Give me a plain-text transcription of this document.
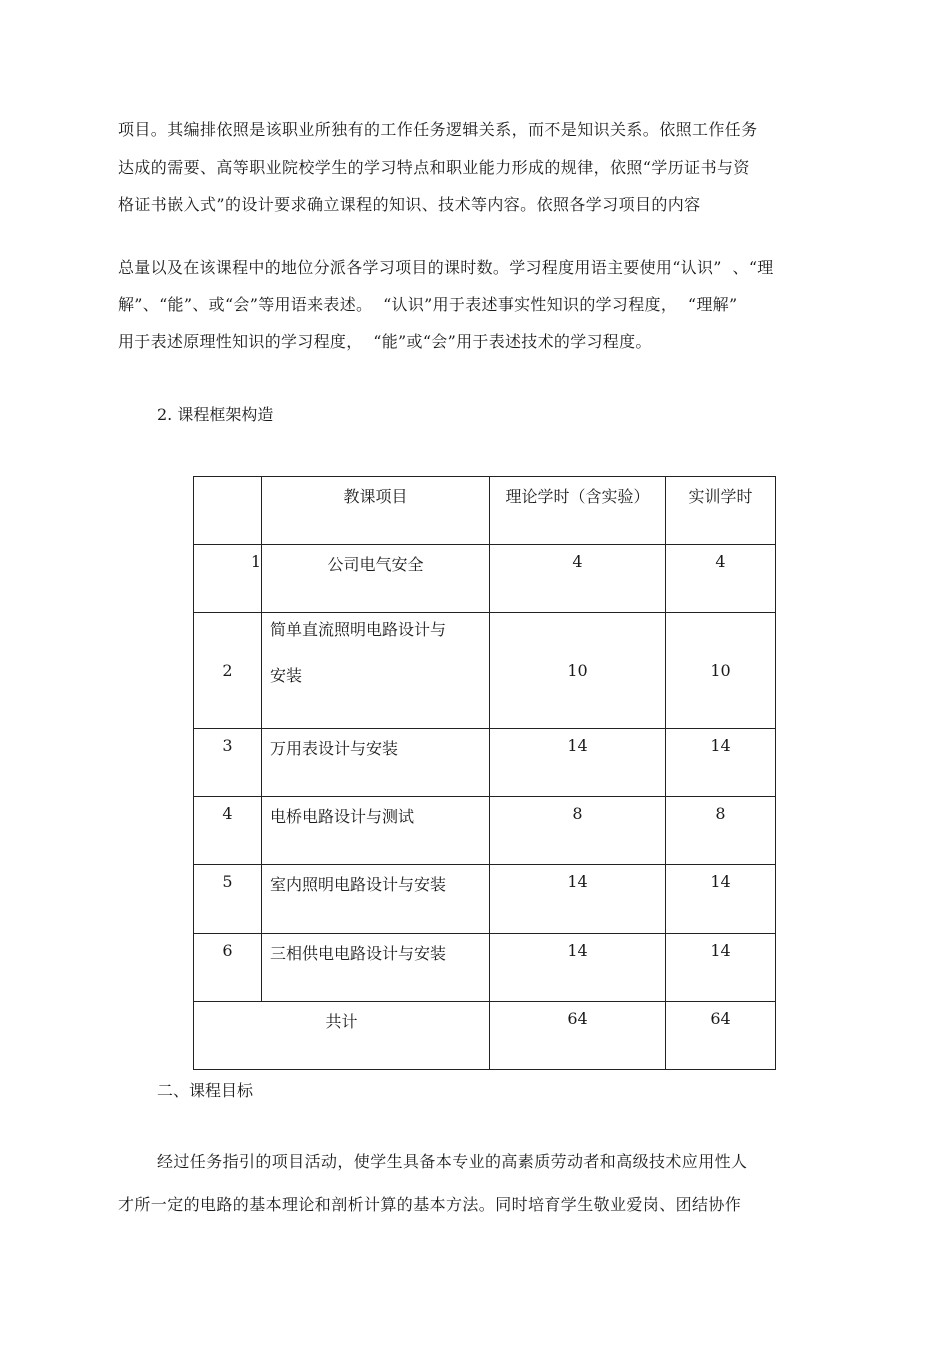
项目。其编排依照是该职业所独有的工作任务逻辑关系，而不是知识关系。依照工作任务
达成的需要、高等职业院校学生的学习特点和职业能力形成的规律，依照“学历证书与资
格证书嵌入式”的设计要求确立课程的知识、技术等内容。依照各学习项目的内容
总量以及在该课程中的地位分派各学习项目的课时数。学习程度用语主要使用“认识”  、“理
解”、“能”、或“会”等用语来表述。  “认识”用于表述事实性知识的学习程度，  “理解”
用于表述原理性知识的学习程度，  “能”或“会”用于表述技术的学习程度。
2. 课程框架构造

	教课项目	理论学时（含实验）	实训学时

1	公司电气安全	4	4

2	简单直流照明电路设计与
安装	10	10

3	万用表设计与安装	14	14

4	电桥电路设计与测试	8	8

5	室内照明电路设计与安装	14	14

6	三相供电电路设计与安装	14	14

共计		64	64
二、课程目标
经过任务指引的项目活动，使学生具备本专业的高素质劳动者和高级技术应用性人
才所一定的电路的基本理论和剖析计算的基本方法。同时培育学生敬业爱岗、团结协作
